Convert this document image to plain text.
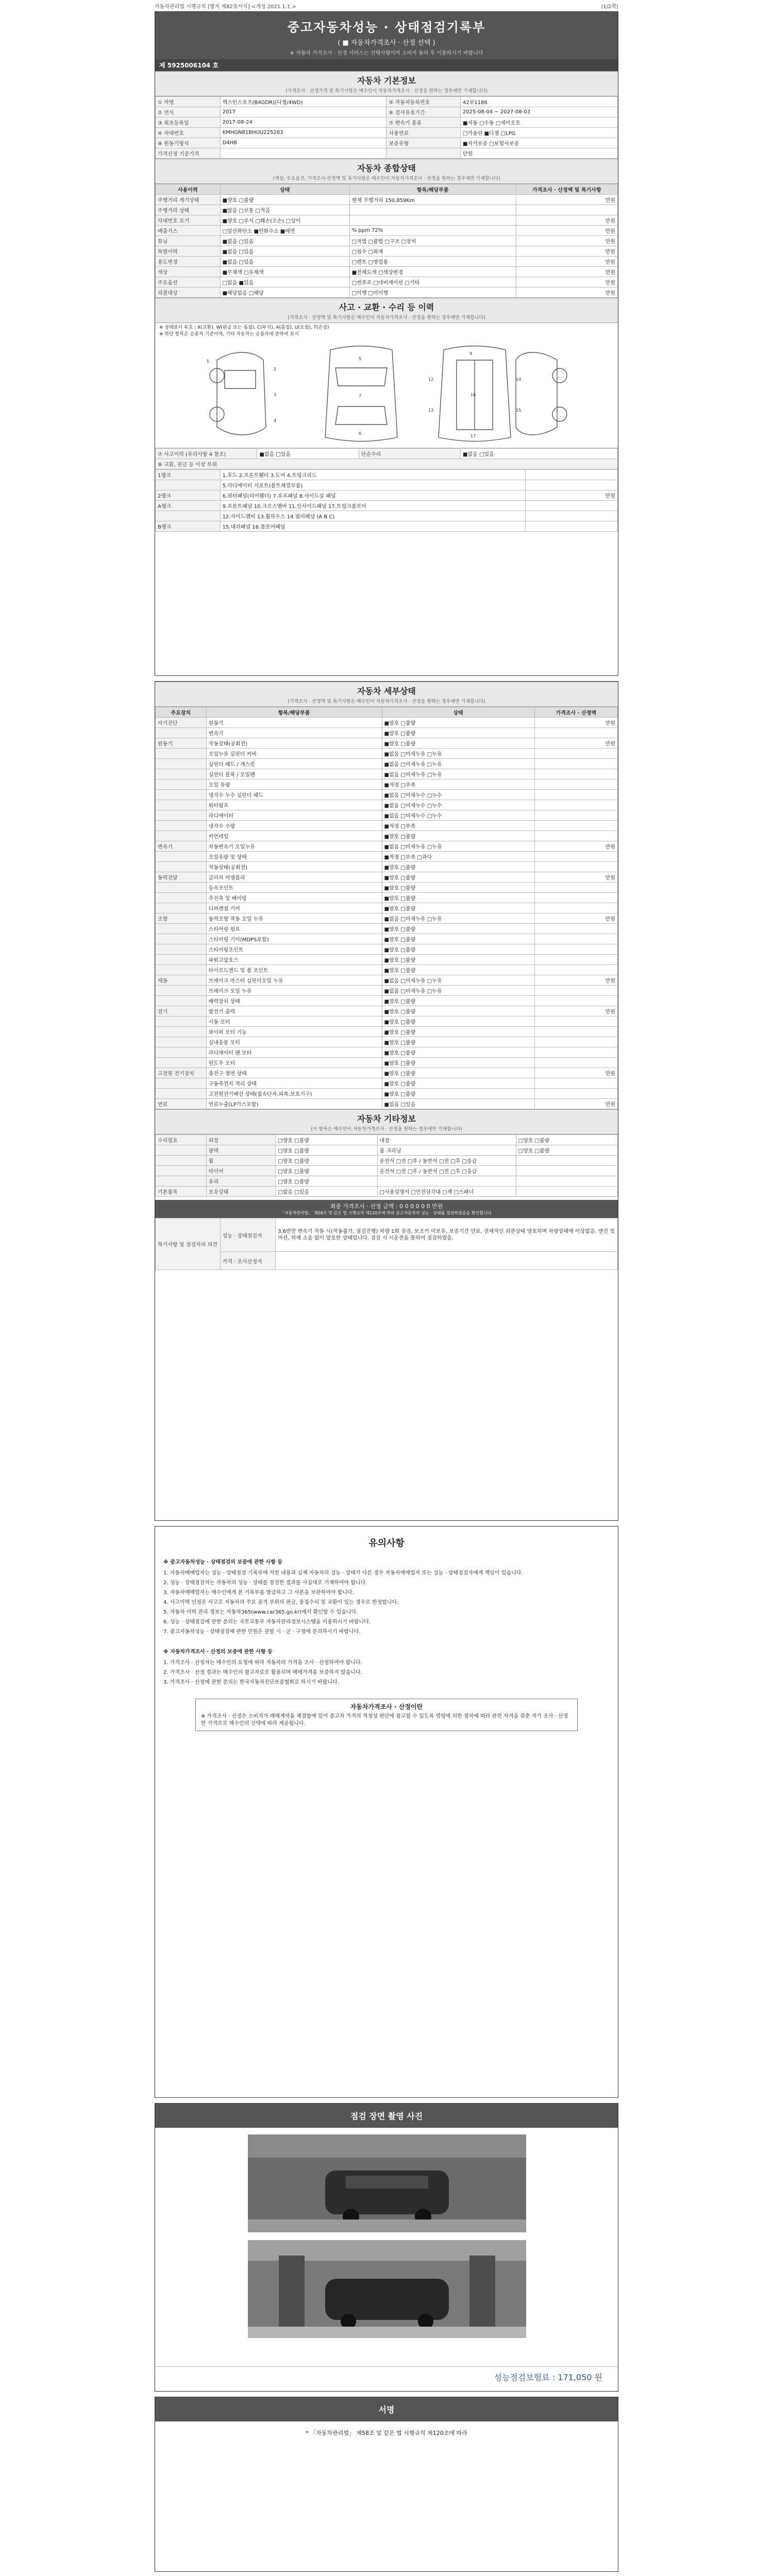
자동차관리법 시행규칙 [별지 제82호서식] <개정 2021.1.1.>	(1/2쪽)
중고자동차성능 · 상태점검기록부
( ■ 자동차가격조사 · 산정 선택 )
※ 자동차 가격조사 · 산정 서비스는 선택사항이며 소비자 동의 후 이용하시기 바랍니다
제 5925006104 호
자동차 기본정보
(가격조사 · 산정가격 및 특기사항은 매수인이 자동차가격조사 · 산정을 원하는 경우에만 기재합니다)
① 차명	렉스턴스포츠(B4GDR)(디젤/4WD)	⑤ 자동차등록번호	42보1186
② 연식	2017	⑥ 검사유효기간	2025-08-04 ~ 2027-08-03
③ 최초등록일	2017-08-24	⑦ 변속기 종류	■자동 □수동 □세미오토
④ 차대번호	KMHGN81BHUU225283	사용연료	□가솔린 ■디젤 □LPG
⑧ 원동기형식	D4HB	보증유형	■자가보증 □보험사보증
가격산정 기준가격			만원
자동차 종합상태
(색상, 주요옵션, 가격조사·산정액 및 특기사항은 매수인이 자동차가격조사 · 산정을 원하는 경우에만 기재합니다)
사용이력	상태	항목/해당부품	가격조사 · 산정액 및 특기사항
주행거리 계기상태	■양호 □불량	현재 주행거리 150,859Km	만원
주행거리 상태	■많음 □보통 □적음		
차대번호 표기	■양호 □부식 □훼손(오손) □상이		만원
배출가스	□일산화탄소 ■탄화수소 ■매연	% ppm 72%	만원
튜닝	■없음 □있음	□적법 □불법 □구조 □장치	만원
특별이력	■없음 □있음	□침수 □화재	만원
용도변경	■없음 □있음	□렌트 □영업용	만원
색상	■무채색 □유채색	■전체도색 □색상변경	만원
주요옵션	□없음 ■있음	□썬루프 □네비게이션 □기타	만원
리콜대상	■해당없음 □해당	□이행 □미이행	만원
사고 · 교환 · 수리 등 이력
(가격조사 · 산정액 및 특기사항은 매수인이 자동차가격조사 · 산정을 원하는 경우에만 기재합니다)
※ 상태표시 부호 : X(교환), W(판금 또는 용접), C(부식), A(흠집), U(요철), T(손상)
※ 하단 항목은 승용차 기준이며, 기타 자동차는 승용차에 준하여 표시
1
2
3
4
5
7
6
9
16
17
12
13
14
15
⑦ 사고이력 (유의사항 4 참조)	■없음 □있음	단순수리	■없음 □있음
⑧ 교환, 판금 등 이상 부위
1랭크	1.후드 2.프론트휀더 3.도어 4.트렁크리드	
	5.라디에이터 서포트(볼트체결부품)	
2랭크	6.쿼터패널(리어휀더) 7.루프패널 8.사이드실 패널	만원
A랭크	9.프론트패널 10.크로스멤버 11.인사이드패널 17.트렁크플로어	
	12.사이드멤버 13.휠하우스 14.필러패널 (A B C)	
B랭크	15.대쉬패널 16.플로어패널	
자동차 세부상태
(가격조사 · 산정액 및 특기사항은 매수인이 자동차가격조사 · 산정을 원하는 경우에만 기재합니다)
주요장치	항목/해당부품	상태	가격조사 · 산정액
자기진단	원동기	■양호 □불량	만원
	변속기	■양호 □불량	
원동기	작동상태(공회전)	■양호 □불량	만원
	오일누유 실린더 커버	■없음 □미세누유 □누유	
	실린더 헤드 / 개스킷	■없음 □미세누유 □누유	
	실린더 블록 / 오일팬	■없음 □미세누유 □누유	
	오일 유량	■적정 □부족	
	냉각수 누수 실린더 헤드	■없음 □미세누수 □누수	
	워터펌프	■없음 □미세누수 □누수	
	라디에이터	■없음 □미세누수 □누수	
	냉각수 수량	■적정 □부족	
	커먼레일	■양호 □불량	
변속기	자동변속기 오일누유	■없음 □미세누유 □누유	만원
	오일유량 및 상태	■적정 □부족 □과다	
	작동상태(공회전)	■양호 □불량	
동력전달	클러치 어셈블리	■양호 □불량	만원
	등속조인트	■양호 □불량	
	추진축 및 베어링	■양호 □불량	
	디퍼렌셜 기어	■양호 □불량	
조향	동력조향 작동 오일 누유	■없음 □미세누유 □누유	만원
	스티어링 펌프	■양호 □불량	
	스티어링 기어(MDPS포함)	■양호 □불량	
	스티어링조인트	■양호 □불량	
	파워고압호스	■양호 □불량	
	타이로드엔드 및 볼 조인트	■양호 □불량	
제동	브레이크 마스터 실린더오일 누유	■없음 □미세누유 □누유	만원
	브레이크 오일 누유	■없음 □미세누유 □누유	
	배력장치 상태	■양호 □불량	
전기	발전기 출력	■양호 □불량	만원
	시동 모터	■양호 □불량	
	와이퍼 모터 기능	■양호 □불량	
	실내송풍 모터	■양호 □불량	
	라디에이터 팬 모터	■양호 □불량	
	윈도우 모터	■양호 □불량	
고전원 전기장치	충전구 절연 상태	■양호 □불량	만원
	구동축전지 격리 상태	■양호 □불량	
	고전원전기배선 상태(접속단자,피복,보호기구)	■양호 □불량	
연료	연료누출(LP가스포함)	■없음 □있음	만원
자동차 기타정보
(이 항목은 매수인이 자동차가격조사 · 산정을 원하는 경우에만 기재합니다)
수리필요	외장	□양호 □불량	내장	□양호 □불량
	광택	□양호 □불량	룸 크리닝	□양호 □불량
	휠	□양호 □불량	운전석 □전 □후 / 동반석 □전 □후 □응급	
	타이어	□양호 □불량	운전석 □전 □후 / 동반석 □전 □후 □응급	
	유리	□양호 □불량		
기본품목	보유상태	□없음 □있음	□사용설명서 □안전삼각대 □잭 □스패너	
최종 가격조사 · 산정 금액 : 0 0 0 0 0 0 만원
「자동차관리법」 제58조 및 같은 법 시행규칙 제120조에 따라 중고자동차의 성능 · 상태를 점검하였음을 확인합니다.
특기사항 및 점검자의 의견	성능 · 상태점검자	3,6번만 변속기 작동 시(작동불가, 점검진행) 차량 1회 점검, 보조키 미보유, 보증기간 만료, 전체적인 외관상태 양호하며 차량상태에 이상없음. 엔진 및 미션, 하체 소음 없이 양호한 상태입니다. 점검 시 시운전을 통하여 점검하였음.
	가격 · 조사산정자	
유의사항
※ 중고자동차성능 · 상태점검의 보증에 관한 사항 등
1. 자동차매매업자는 성능 · 상태점검 기록부에 적힌 내용과 실제 자동차의 성능 · 상태가 다른 경우 자동차매매업자 또는 성능 · 상태점검자에게 책임이 있습니다.
2. 성능 · 상태점검자는 자동차의 성능 · 상태를 점검한 결과를 사실대로 기재하여야 합니다.
3. 자동차매매업자는 매수인에게 본 기록부를 발급하고 그 사본을 보관하여야 합니다.
4. 사고이력 인정은 사고로 자동차의 주요 골격 부위의 판금, 용접수리 및 교환이 있는 경우로 한정합니다.
5. 자동차 이력 관리 정보는 자동차365(www.car365.go.kr)에서 확인할 수 있습니다.
6. 성능 · 상태점검에 관한 문의는 국토교통부 자동차관리정보시스템을 이용하시기 바랍니다.
7. 중고자동차성능 · 상태점검에 관한 민원은 관할 시 · 군 · 구청에 문의하시기 바랍니다.
※ 자동차가격조사 · 산정의 보증에 관한 사항 등
1. 가격조사 · 산정자는 매수인의 요청에 따라 자동차의 가격을 조사 · 산정하여야 합니다.
2. 가격조사 · 산정 결과는 매수인의 참고자료로 활용되며 매매가격을 보증하지 않습니다.
3. 가격조사 · 산정에 관한 문의는 한국자동차진단보증협회로 하시기 바랍니다.
자동차가격조사 · 산정이란
※ 가격조사 · 산정은 소비자가 매매계약을 체결함에 있어 중고차 가격의 적정성 판단에 참고할 수 있도록 법령에 의한 절차에 따라 관련 자격을 갖춘 자가 조사 · 산정한 가격으로 매수인의 선택에 따라 제공됩니다.
점검 장면 촬영 사진
성능점검보험료 : 171,050 원
서명
* 「자동차관리법」 제58조 및 같은 법 시행규칙 제120조에 따라
